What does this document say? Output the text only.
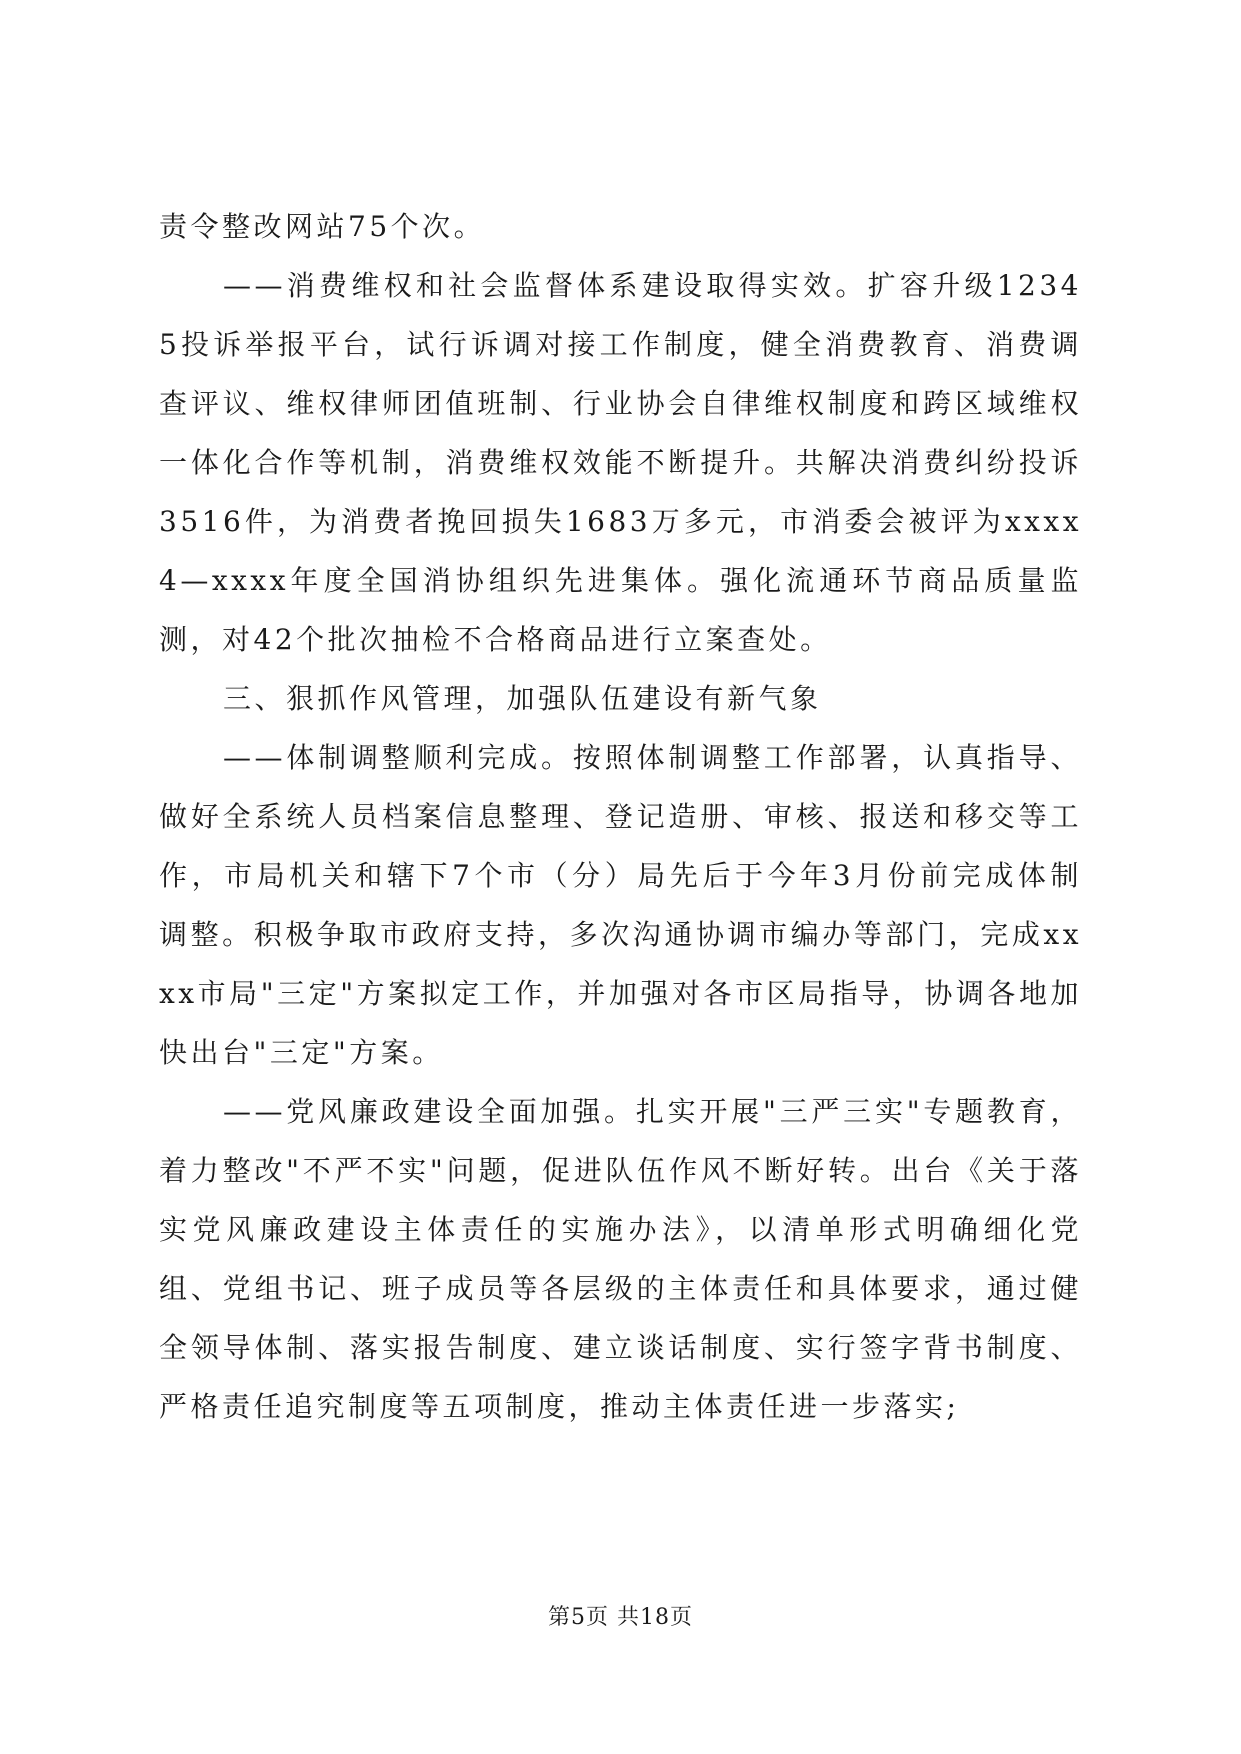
责令整改网站75个次。

——消费维权和社会监督体系建设取得实效。扩容升级12345投诉举报平台，试行诉调对接工作制度，健全消费教育、消费调查评议、维权律师团值班制、行业协会自律维权制度和跨区域维权一体化合作等机制，消费维权效能不断提升。共解决消费纠纷投诉3516件，为消费者挽回损失1683万多元，市消委会被评为xxxx4—xxxx年度全国消协组织先进集体。强化流通环节商品质量监测，对42个批次抽检不合格商品进行立案查处。

三、狠抓作风管理，加强队伍建设有新气象

——体制调整顺利完成。按照体制调整工作部署，认真指导、做好全系统人员档案信息整理、登记造册、审核、报送和移交等工作，市局机关和辖下7个市（分）局先后于今年3月份前完成体制调整。积极争取市政府支持，多次沟通协调市编办等部门，完成xxxx市局"三定"方案拟定工作，并加强对各市区局指导，协调各地加快出台"三定"方案。

——党风廉政建设全面加强。扎实开展"三严三实"专题教育，着力整改"不严不实"问题，促进队伍作风不断好转。出台《关于落实党风廉政建设主体责任的实施办法》，以清单形式明确细化党组、党组书记、班子成员等各层级的主体责任和具体要求，通过健全领导体制、落实报告制度、建立谈话制度、实行签字背书制度、严格责任追究制度等五项制度，推动主体责任进一步落实;

第5页 共18页
